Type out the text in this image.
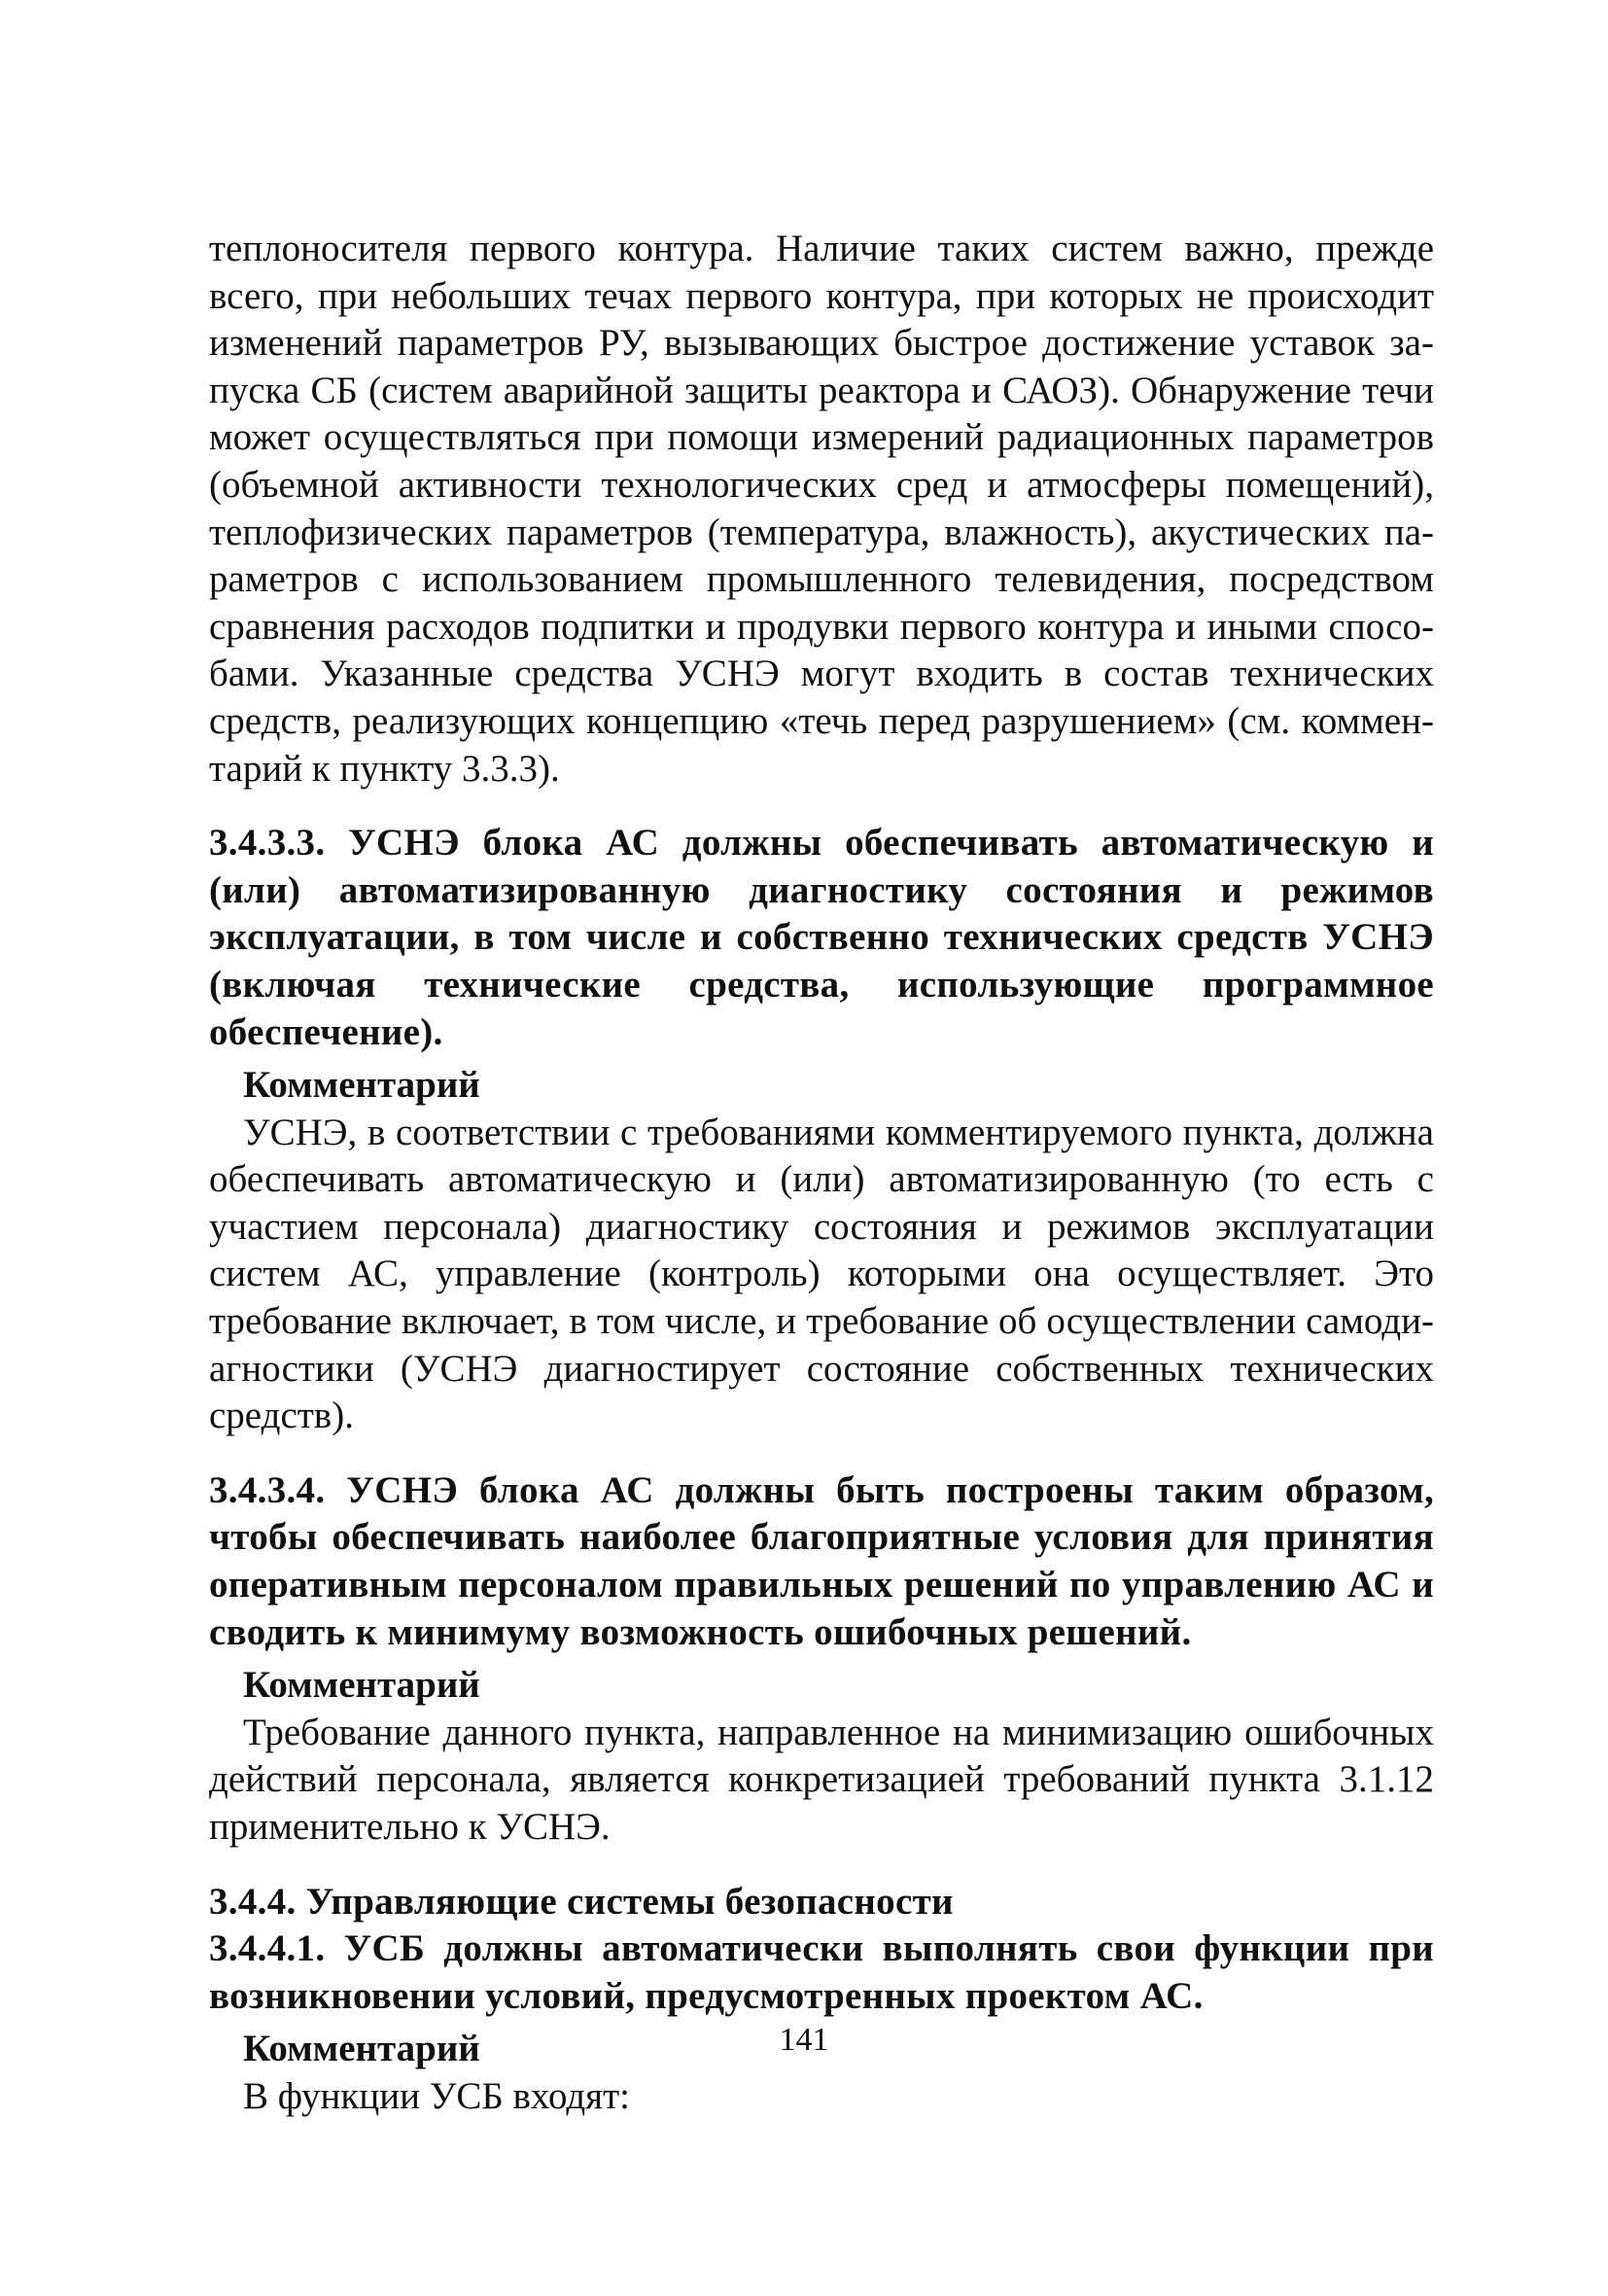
теплоносителя первого контура. Наличие таких систем важно, прежде всего, при небольших течах первого контура, при которых не происходит изменений параметров РУ, вызывающих быстрое достижение уставок запуска СБ (систем аварийной защиты реактора и САОЗ). Обнаружение течи может осуществляться при помощи измерений радиационных параметров (объемной активности технологических сред и атмосферы помещений), теплофизических параметров (температура, влажность), акустических параметров с использованием промышленного телевидения, посредством сравнения расходов подпитки и продувки первого контура и иными способами. Указанные средства УСНЭ могут входить в состав технических средств, реализующих концепцию «течь перед разрушением» (см. комментарий к пункту 3.3.3).

3.4.3.3. УСНЭ блока АС должны обеспечивать автоматическую и (или) автоматизированную диагностику состояния и режимов эксплуатации, в том числе и собственно технических средств УСНЭ (включая технические средства, использующие программное обеспечение).

Комментарий

УСНЭ, в соответствии с требованиями комментируемого пункта, должна обеспечивать автоматическую и (или) автоматизированную (то есть с участием персонала) диагностику состояния и режимов эксплуатации систем АС, управление (контроль) которыми она осуществляет. Это требование включает, в том числе, и требование об осуществлении самодиагностики (УСНЭ диагностирует состояние собственных технических средств).

3.4.3.4. УСНЭ блока АС должны быть построены таким образом, чтобы обеспечивать наиболее благоприятные условия для принятия оперативным персоналом правильных решений по управлению АС и сводить к минимуму возможность ошибочных решений.

Комментарий

Требование данного пункта, направленное на минимизацию ошибочных действий персонала, является конкретизацией требований пункта 3.1.12 применительно к УСНЭ.

3.4.4. Управляющие системы безопасности

3.4.4.1. УСБ должны автоматически выполнять свои функции при возникновении условий, предусмотренных проектом АС.

Комментарий

В функции УСБ входят:

141
